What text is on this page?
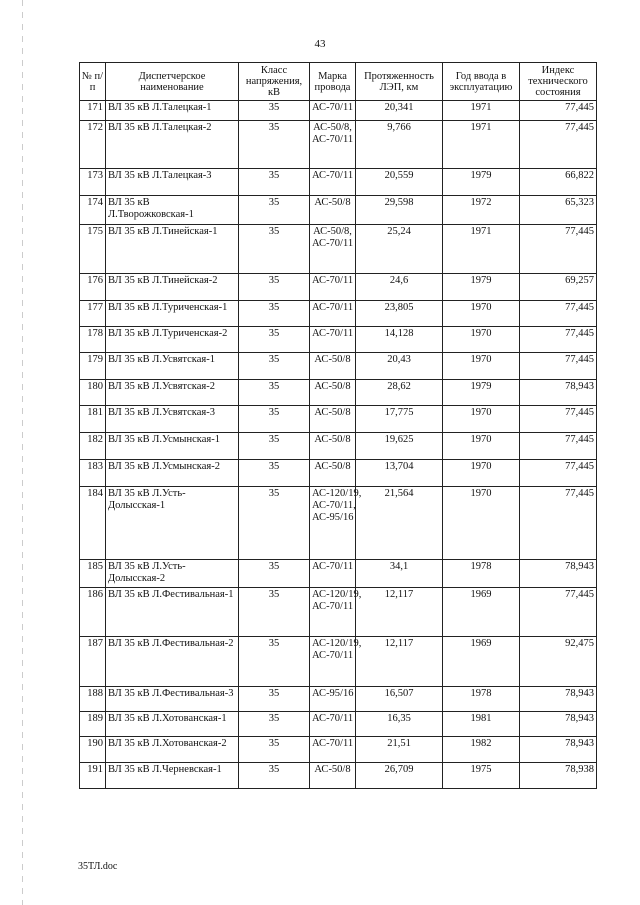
43
№ п/п	Диспетчерское наименование	Класс напряжения, кВ	Марка провода	Протяженность ЛЭП, км	Год ввода в эксплуатацию	Индекс технического состояния
171	ВЛ 35 кВ Л.Талецкая-1	35	АС-70/11	20,341	1971	77,445
172	ВЛ 35 кВ Л.Талецкая-2	35	АС-50/8, АС-70/11	9,766	1971	77,445
173	ВЛ 35 кВ Л.Талецкая-3	35	АС-70/11	20,559	1979	66,822
174	ВЛ 35 кВ Л.Творожковская-1	35	АС-50/8	29,598	1972	65,323
175	ВЛ 35 кВ Л.Тинейская-1	35	АС-50/8, АС-70/11	25,24	1971	77,445
176	ВЛ 35 кВ Л.Тинейская-2	35	АС-70/11	24,6	1979	69,257
177	ВЛ 35 кВ Л.Туриченская-1	35	АС-70/11	23,805	1970	77,445
178	ВЛ 35 кВ Л.Туриченская-2	35	АС-70/11	14,128	1970	77,445
179	ВЛ 35 кВ Л.Усвятская-1	35	АС-50/8	20,43	1970	77,445
180	ВЛ 35 кВ Л.Усвятская-2	35	АС-50/8	28,62	1979	78,943
181	ВЛ 35 кВ Л.Усвятская-3	35	АС-50/8	17,775	1970	77,445
182	ВЛ 35 кВ Л.Усмынская-1	35	АС-50/8	19,625	1970	77,445
183	ВЛ 35 кВ Л.Усмынская-2	35	АС-50/8	13,704	1970	77,445
184	ВЛ 35 кВ Л.Усть-Долысская-1	35	АС-120/19, АС-70/11, АС-95/16	21,564	1970	77,445
185	ВЛ 35 кВ Л.Усть-Долысская-2	35	АС-70/11	34,1	1978	78,943
186	ВЛ 35 кВ Л.Фестивальная-1	35	АС-120/19, АС-70/11	12,117	1969	77,445
187	ВЛ 35 кВ Л.Фестивальная-2	35	АС-120/19, АС-70/11	12,117	1969	92,475
188	ВЛ 35 кВ Л.Фестивальная-3	35	АС-95/16	16,507	1978	78,943
189	ВЛ 35 кВ Л.Хотованская-1	35	АС-70/11	16,35	1981	78,943
190	ВЛ 35 кВ Л.Хотованская-2	35	АС-70/11	21,51	1982	78,943
191	ВЛ 35 кВ Л.Черневская-1	35	АС-50/8	26,709	1975	78,938
35ТЛ.doc
